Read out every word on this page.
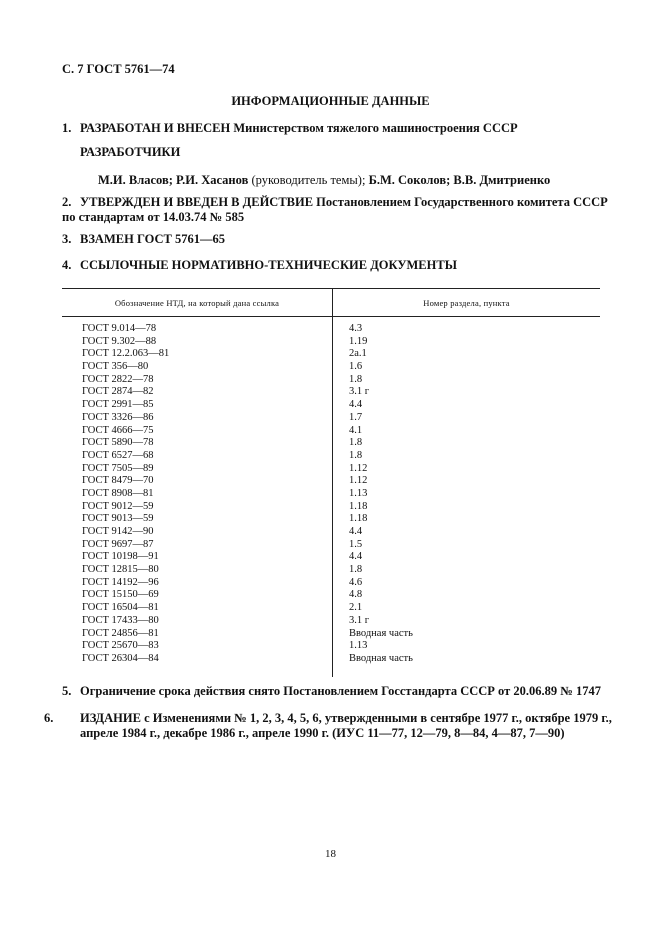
С. 7 ГОСТ 5761—74
ИНФОРМАЦИОННЫЕ ДАННЫЕ
1. РАЗРАБОТАН И ВНЕСЕН Министерством тяжелого машиностроения СССР
РАЗРАБОТЧИКИ
М.И. Власов; Р.И. Хасанов (руководитель темы); Б.М. Соколов; В.В. Дмитриенко
2. УТВЕРЖДЕН И ВВЕДЕН В ДЕЙСТВИЕ Постановлением Государственного комитета СССР по стандартам от 14.03.74 № 585
3. ВЗАМЕН ГОСТ 5761—65
4. ССЫЛОЧНЫЕ НОРМАТИВНО-ТЕХНИЧЕСКИЕ ДОКУМЕНТЫ
Обозначение НТД, на который дана ссылка	Номер раздела, пункта
ГОСТ 9.014—78	4.3
ГОСТ 9.302—88	1.19
ГОСТ 12.2.063—81	2а.1
ГОСТ 356—80	1.6
ГОСТ 2822—78	1.8
ГОСТ 2874—82	3.1 г
ГОСТ 2991—85	4.4
ГОСТ 3326—86	1.7
ГОСТ 4666—75	4.1
ГОСТ 5890—78	1.8
ГОСТ 6527—68	1.8
ГОСТ 7505—89	1.12
ГОСТ 8479—70	1.12
ГОСТ 8908—81	1.13
ГОСТ 9012—59	1.18
ГОСТ 9013—59	1.18
ГОСТ 9142—90	4.4
ГОСТ 9697—87	1.5
ГОСТ 10198—91	4.4
ГОСТ 12815—80	1.8
ГОСТ 14192—96	4.6
ГОСТ 15150—69	4.8
ГОСТ 16504—81	2.1
ГОСТ 17433—80	3.1 г
ГОСТ 24856—81	Вводная часть
ГОСТ 25670—83	1.13
ГОСТ 26304—84	Вводная часть
5. Ограничение срока действия снято Постановлением Госстандарта СССР от 20.06.89 № 1747
6. ИЗДАНИЕ с Изменениями № 1, 2, 3, 4, 5, 6, утвержденными в сентябре 1977 г., октябре 1979 г., апреле 1984 г., декабре 1986 г., апреле 1990 г. (ИУС 11—77, 12—79, 8—84, 4—87, 7—90)
18
